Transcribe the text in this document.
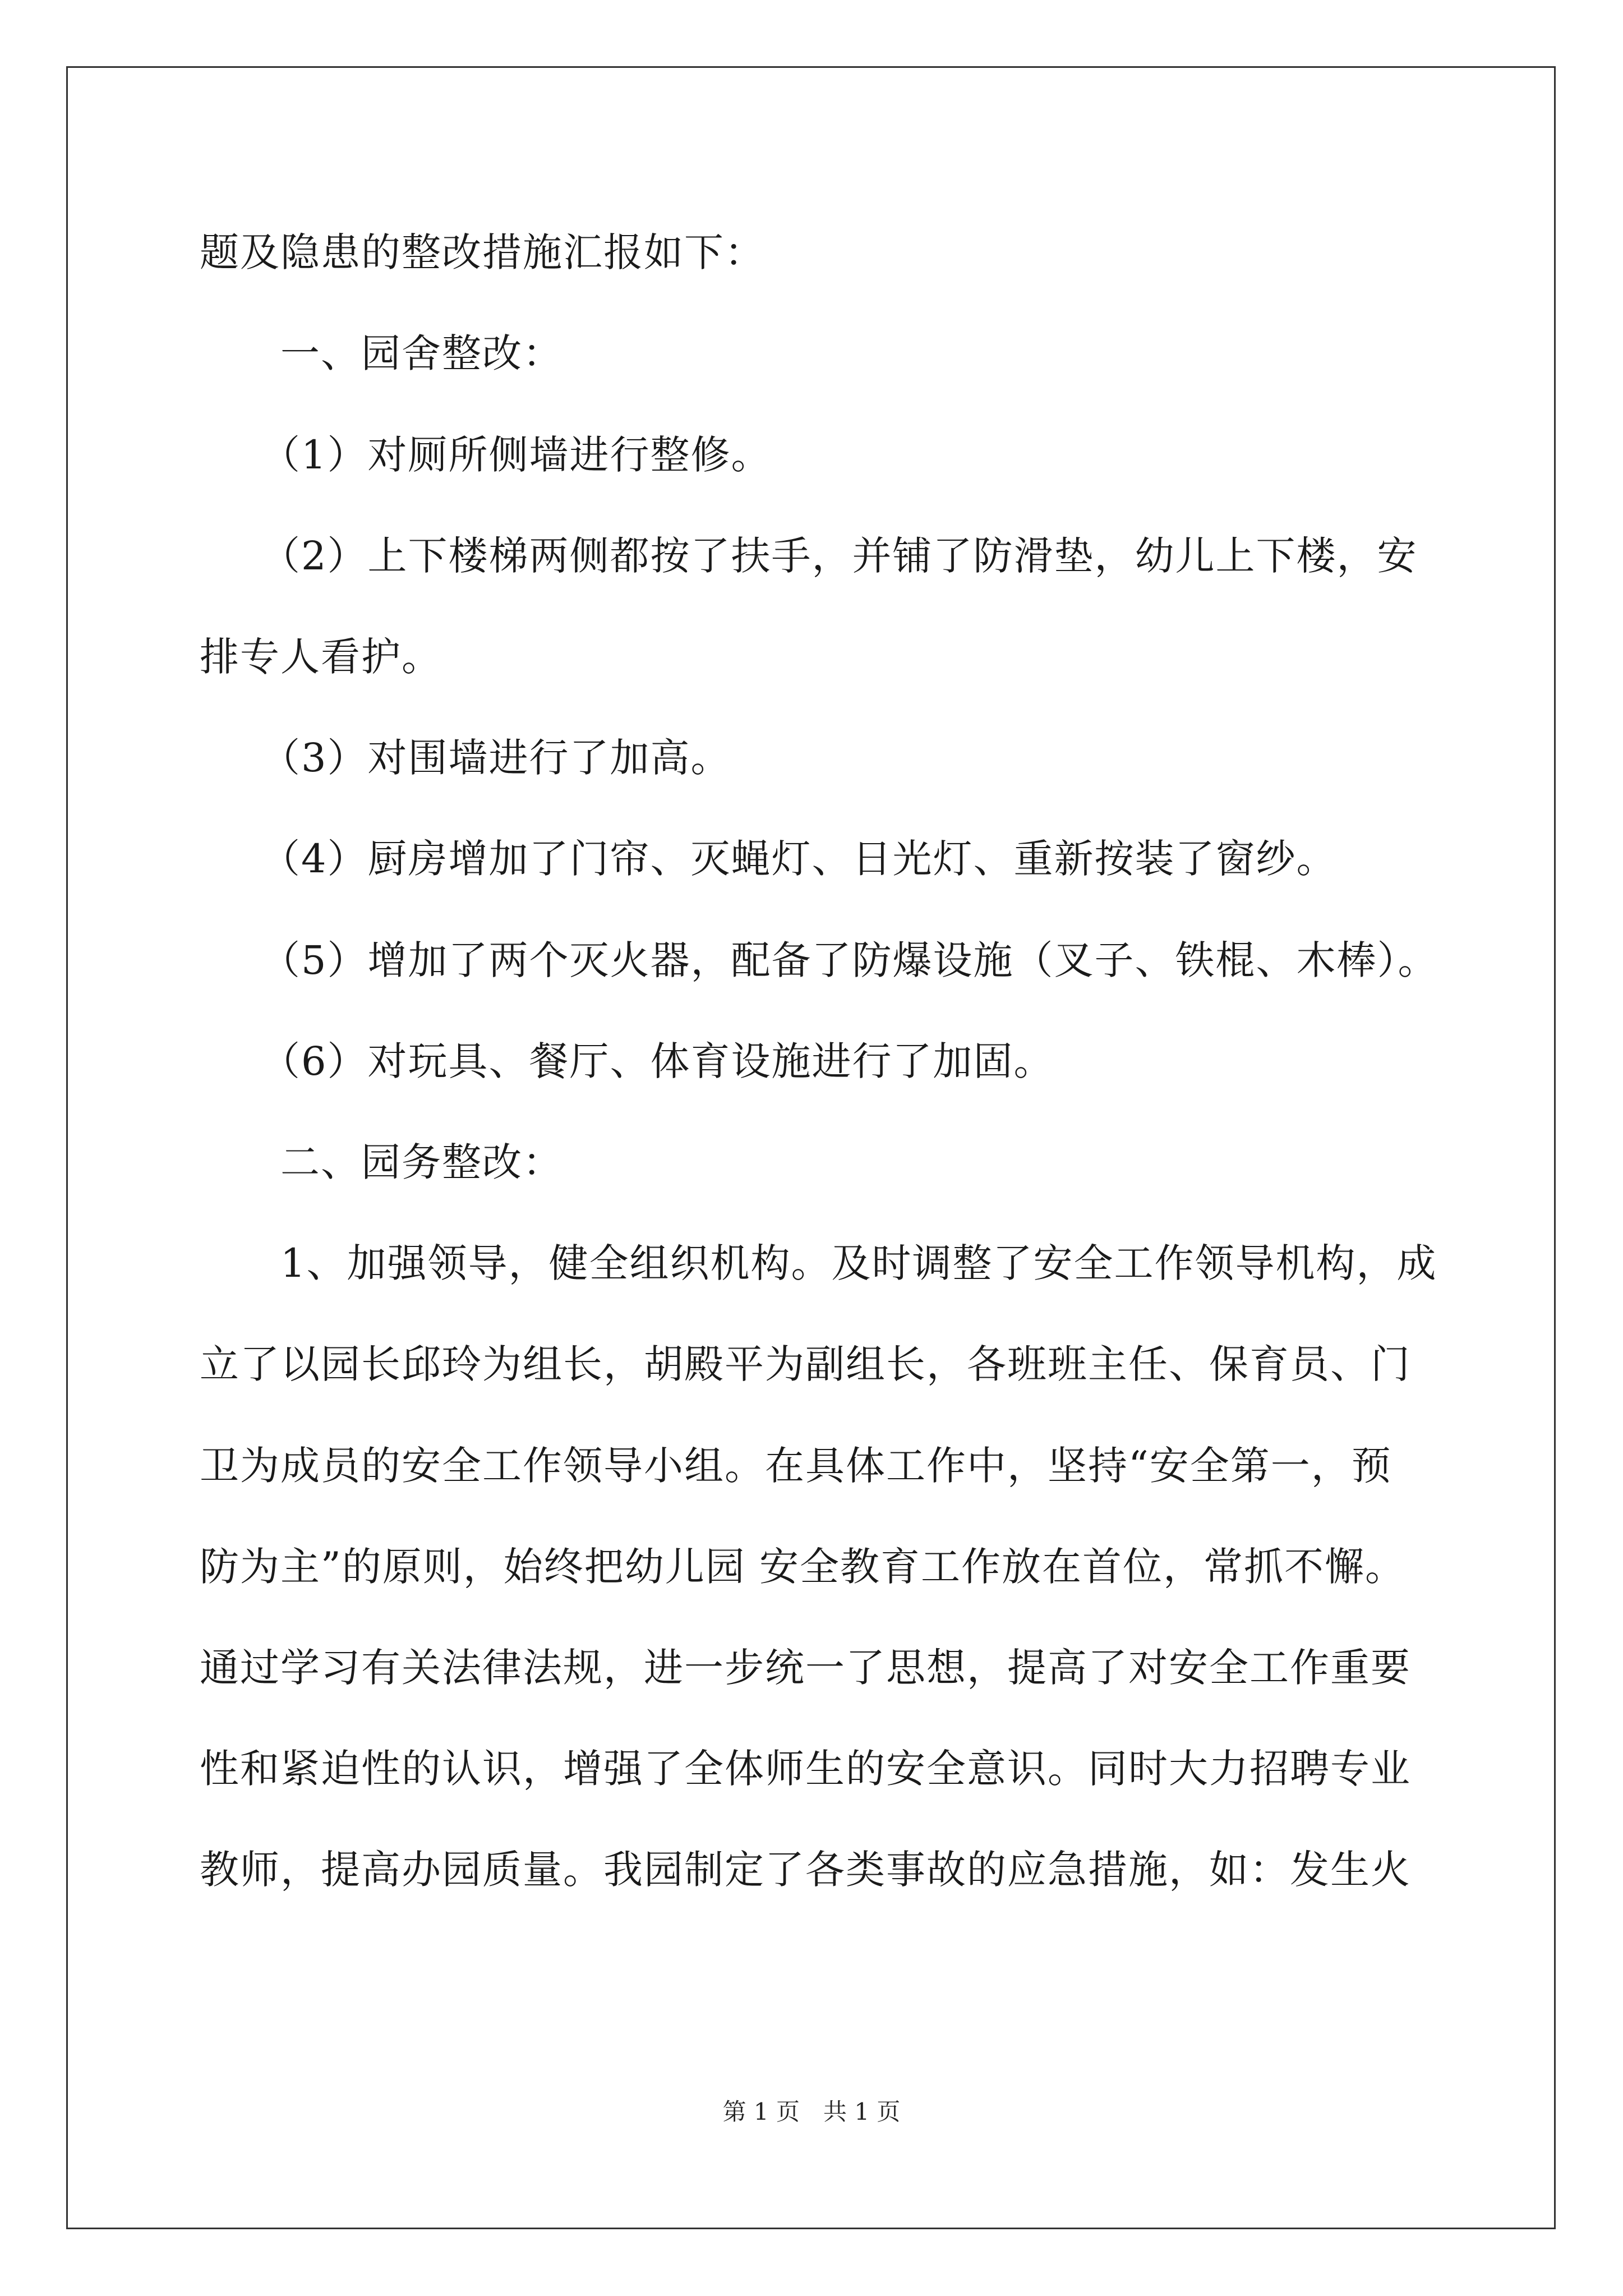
题及隐患的整改措施汇报如下：
　　一、园舍整改：
　　（1）对厕所侧墙进行整修。
　　（2）上下楼梯两侧都按了扶手，并铺了防滑垫，幼儿上下楼，安
排专人看护。
　　（3）对围墙进行了加高。
　　（4）厨房增加了门帘、灭蝇灯、日光灯、重新按装了窗纱。
　　（5）增加了两个灭火器，配备了防爆设施（叉子、铁棍、木棒）。
　　（6）对玩具、餐厅、体育设施进行了加固。
　　二、园务整改：
　　1、加强领导，健全组织机构。及时调整了安全工作领导机构，成
立了以园长邱玲为组长，胡殿平为副组长，各班班主任、保育员、门
卫为成员的安全工作领导小组。在具体工作中，坚持“安全第一，预
防为主”的原则，始终把幼儿园 安全教育工作放在首位，常抓不懈。
通过学习有关法律法规，进一步统一了思想，提高了对安全工作重要
性和紧迫性的认识，增强了全体师生的安全意识。同时大力招聘专业
教师，提高办园质量。我园制定了各类事故的应急措施，如：发生火
第 1 页　共 1 页
